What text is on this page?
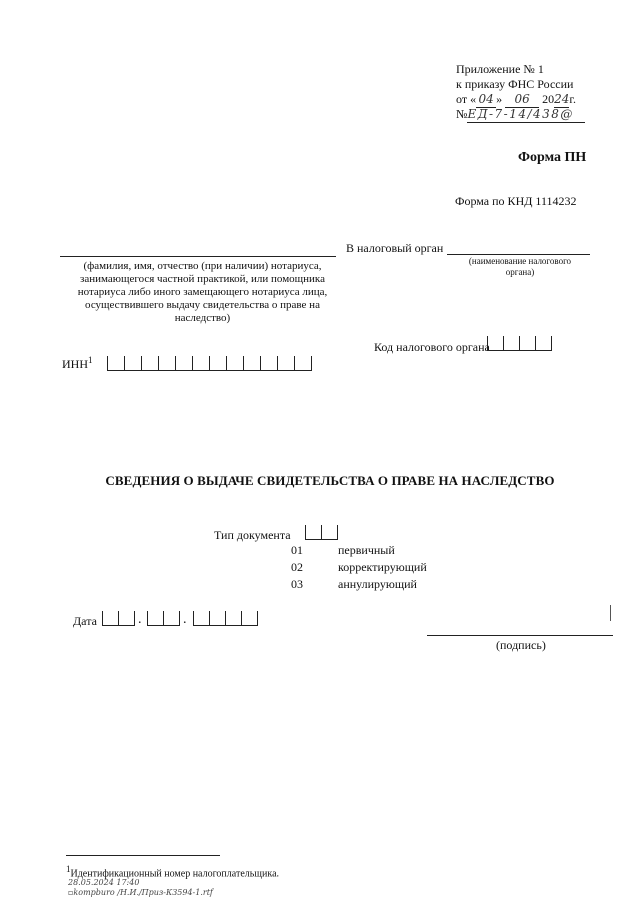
Приложение № 1
к приказу ФНС России
от « 04 » 06 2024г.
№ЕД-7-14/438@
Форма ПН
Форма по КНД 1114232
(фамилия, имя, отчество (при наличии) нотариуса, занимающегося частной практикой, или помощника нотариуса либо иного замещающего нотариуса лица, осуществившего выдачу свидетельства о праве на наследство)
В налоговый орган
(наименование налогового органа)
Код налогового органа
ИНН$^1$
СВЕДЕНИЯ О ВЫДАЧЕ СВИДЕТЕЛЬСТВА О ПРАВЕ НА НАСЛЕДСТВО
Тип документа
01	первичный
02	корректирующий
03	аннулирующий
Дата	.	.
(подпись)
$^1$Идентификационный номер налогоплательщика.
28.05.2024 17:40
▫kompburo /Н.И./Приз-К3594-1.rtf
